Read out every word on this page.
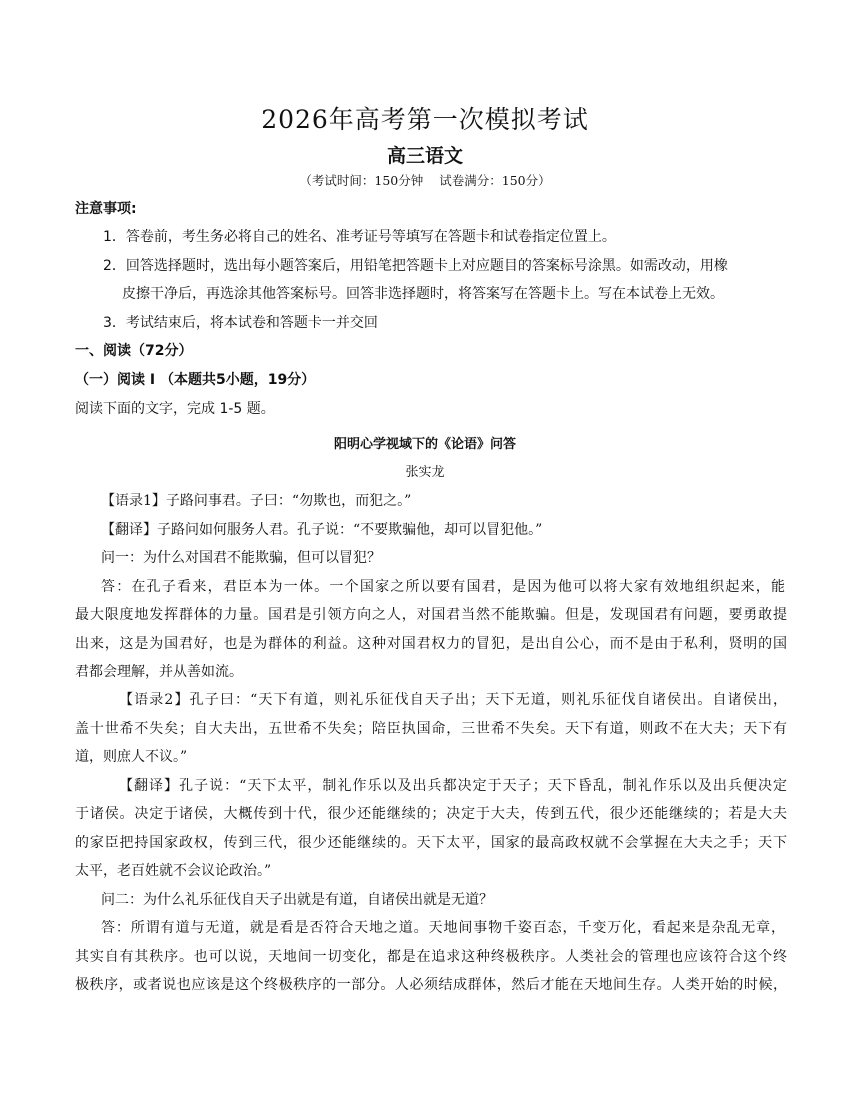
2026年高考第一次模拟考试
高三语文
（考试时间：150分钟 试卷满分：150分）
注意事项:
1．答卷前，考生务必将自己的姓名、准考证号等填写在答题卡和试卷指定位置上。
2．回答选择题时，选出每小题答案后，用铅笔把答题卡上对应题目的答案标号涂黑。如需改动，用橡
皮擦干净后，再选涂其他答案标号。回答非选择题时，将答案写在答题卡上。写在本试卷上无效。
3．考试结束后，将本试卷和答题卡一并交回
一、阅读（72分）
（一）阅读 I （本题共5小题，19分）
阅读下面的文字，完成 1-5 题。
阳明心学视域下的《论语》问答
张实龙
【语录1】子路问事君。子曰：“勿欺也，而犯之。”
【翻译】子路问如何服务人君。孔子说：“不要欺骗他，却可以冒犯他。”
问一：为什么对国君不能欺骗，但可以冒犯？
答：在孔子看来，君臣本为一体。一个国家之所以要有国君，是因为他可以将大家有效地组织起来，能
最大限度地发挥群体的力量。国君是引领方向之人，对国君当然不能欺骗。但是，发现国君有问题，要勇敢提
出来，这是为国君好，也是为群体的利益。这种对国君权力的冒犯，是出自公心，而不是由于私利，贤明的国
君都会理解，并从善如流。
【语录2】孔子曰：“天下有道，则礼乐征伐自天子出；天下无道，则礼乐征伐自诸侯出。自诸侯出，
盖十世希不失矣；自大夫出，五世希不失矣；陪臣执国命，三世希不失矣。天下有道，则政不在大夫；天下有
道，则庶人不议。”
【翻译】孔子说：“天下太平，制礼作乐以及出兵都决定于天子；天下昏乱，制礼作乐以及出兵便决定
于诸侯。决定于诸侯，大概传到十代，很少还能继续的；决定于大夫，传到五代，很少还能继续的；若是大夫
的家臣把持国家政权，传到三代，很少还能继续的。天下太平，国家的最高政权就不会掌握在大夫之手；天下
太平，老百姓就不会议论政治。”
问二：为什么礼乐征伐自天子出就是有道，自诸侯出就是无道？
答：所谓有道与无道，就是看是否符合天地之道。天地间事物千姿百态，千变万化，看起来是杂乱无章，
其实自有其秩序。也可以说，天地间一切变化，都是在追求这种终极秩序。人类社会的管理也应该符合这个终
极秩序，或者说也应该是这个终极秩序的一部分。人必须结成群体，然后才能在天地间生存。人类开始的时候，
